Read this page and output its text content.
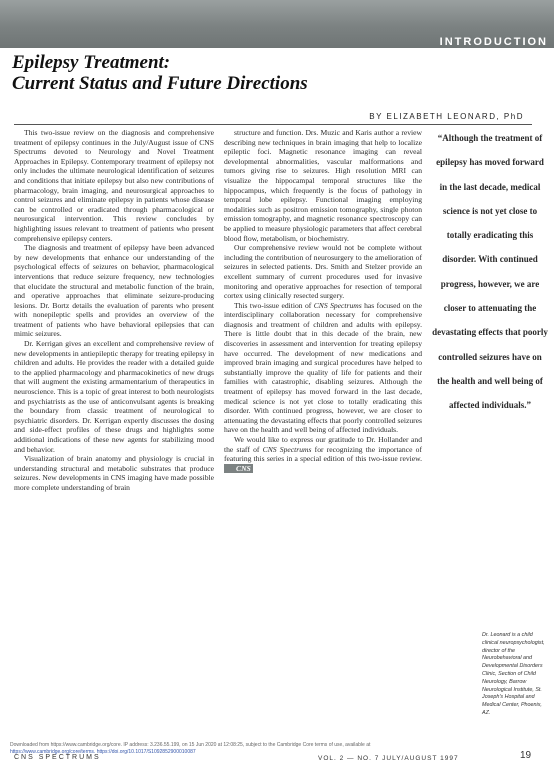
INTRODUCTION
Epilepsy Treatment:
Current Status and Future Directions
BY ELIZABETH LEONARD, PhD

This two-issue review on the diagnosis and comprehensive treatment of epilepsy continues in the July/August issue of CNS Spectrums devoted to Neurology and Novel Treatment Approaches in Epilepsy. Contemporary treatment of epilepsy not only includes the ultimate neurological identification of seizures and conditions that initiate epilepsy but also new contributions of pharmacology, brain imaging, and neurosurgical approaches to control seizures and eliminate epilepsy in patients whose disease can be controlled or eradicated through pharmacological or neurosurgical intervention. This review concludes by highlighting issues relevant to treatment of patients who present comprehensive epilepsy centers.

The diagnosis and treatment of epilepsy have been advanced by new developments that enhance our understanding of the psychological effects of seizures on behavior, pharmacological interventions that reduce seizure frequency, new technologies that elucidate the structural and metabolic function of the brain, and operative approaches that eliminate seizure-producing lesions. Dr. Bortz details the evaluation of parents who present with nonepileptic spells and provides an overview of the treatment of patients who have behavioral epilepsies that can mimic seizures.

Dr. Kerrigan gives an excellent and comprehensive review of new developments in antiepileptic therapy for treating epilepsy in children and adults. He provides the reader with a detailed guide to the applied pharmacology and pharmacokinetics of new drugs that will augment the existing armamentarium of therapeutics in neuroscience. This is a topic of great interest to both neurologists and psychiatrists as the use of anticonvulsant agents is breaking the boundary from classic treatment of neurological to psychiatric disorders. Dr. Kerrigan expertly discusses the dosing and side-effect profiles of these drugs and highlights some additional indications of these new agents for stabilizing mood and behavior.

Visualization of brain anatomy and physiology is crucial in understanding structural and metabolic substrates that produce seizures. New developments in CNS imaging have made possible more complete understanding of brain

structure and function. Drs. Muzic and Karis author a review describing new techniques in brain imaging that help to localize epileptic foci. Magnetic resonance imaging can reveal developmental abnormalities, vascular malformations and tumors giving rise to seizures. High resolution MRI can visualize the hippocampal temporal structures like the hippocampus, which frequently is the focus of pathology in temporal lobe epilepsy. Functional imaging employing modalities such as positron emission tomography, single photon emission tomography, and magnetic resonance spectroscopy can be applied to measure physiologic parameters that affect cerebral blood flow, metabolism, or biochemistry.

Our comprehensive review would not be complete without including the contribution of neurosurgery to the amelioration of seizures in selected patients. Drs. Smith and Stelzer provide an excellent summary of current procedures used for invasive monitoring and operative approaches for resection of temporal cortex using clinically resected surgery.

This two-issue edition of CNS Spectrums has focused on the interdisciplinary collaboration necessary for comprehensive diagnosis and treatment of children and adults with epilepsy. There is little doubt that in this decade of the brain, new discoveries in assessment and intervention for treating epilepsy have occurred. The development of new medications and improved brain imaging and surgical procedures have helped to substantially improve the quality of life for patients and their families with catastrophic, disabling seizures. Although the treatment of epilepsy has moved forward in the last decade, medical science is not yet close to totally eradicating this disorder. With continued progress, however, we are closer to attenuating the devastating effects that poorly controlled seizures have on the health and well being of affected individuals.

We would like to express our gratitude to Dr. Hollander and the staff of CNS Spectrums for recognizing the importance of featuring this series in a special edition of this two-issue review. CNS

“Although the treatment of epilepsy has moved forward in the last decade, medical science is not yet close to totally eradicating this disorder. With continued progress, however, we are closer to attenuating the devastating effects that poorly controlled seizures have on the health and well being of affected individuals.”
Dr. Leonard is a child clinical neuropsychologist, director of the Neurobehavioral and Developmental Disorders Clinic, Section of Child Neurology, Barrow Neurological Institute, St. Joseph's Hospital and Medical Center, Phoenix, AZ.
Downloaded from https://www.cambridge.org/core. IP address: 3.236.55.199, on 15 Jun 2020 at 12:08:25, subject to the Cambridge Core terms of use, available at
https://www.cambridge.org/core/terms. https://doi.org/10.1017/S1092852900010087
CNS SPECTRUMS	VOL. 2 — NO. 7 JULY/AUGUST 1997	19
